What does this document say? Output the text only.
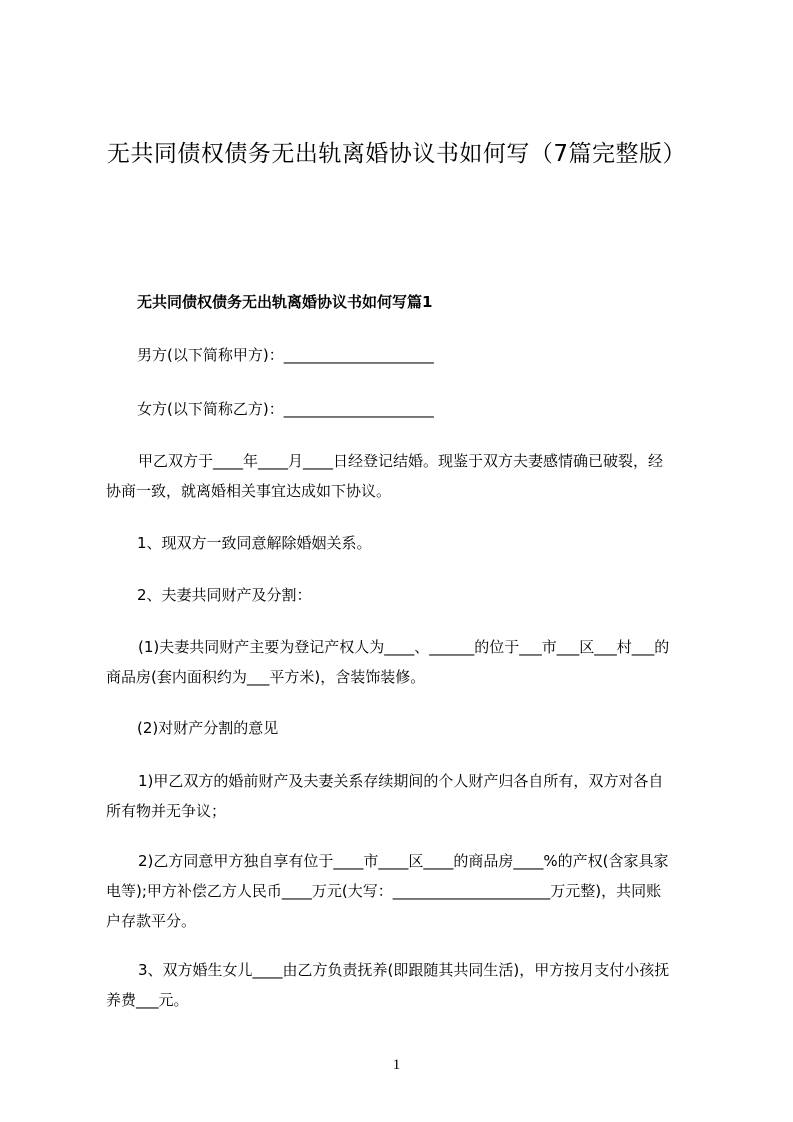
无共同债权债务无出轨离婚协议书如何写（7篇完整版）
无共同债权债务无出轨离婚协议书如何写篇1
男方(以下简称甲方)：____________________
女方(以下简称乙方)：____________________
甲乙双方于____年____月____日经登记结婚。现鉴于双方夫妻感情确已破裂，经
协商一致，就离婚相关事宜达成如下协议。
1、现双方一致同意解除婚姻关系。
2、夫妻共同财产及分割：
(1)夫妻共同财产主要为登记产权人为____、______的位于___市___区___村___的
商品房(套内面积约为___平方米)，含装饰装修。
(2)对财产分割的意见
1)甲乙双方的婚前财产及夫妻关系存续期间的个人财产归各自所有，双方对各自
所有物并无争议；
2)乙方同意甲方独自享有位于____市____区____的商品房____%的产权(含家具家
电等);甲方补偿乙方人民币____万元(大写：_____________________万元整)，共同账
户存款平分。
3、双方婚生女儿____由乙方负责抚养(即跟随其共同生活)，甲方按月支付小孩抚
养费___元。
1
